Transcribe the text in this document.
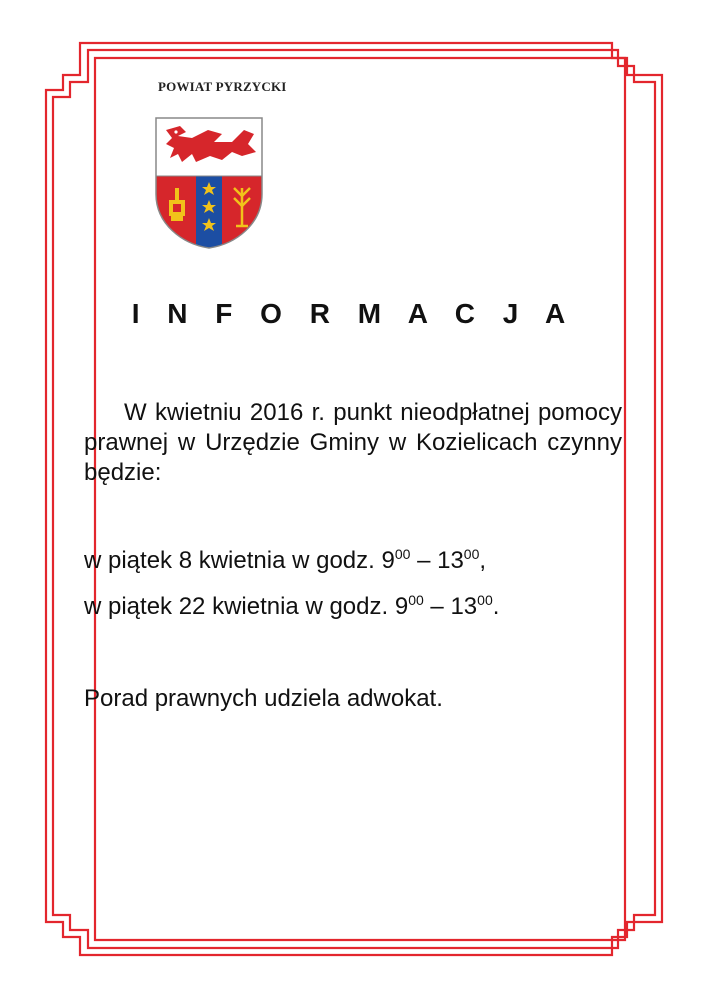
POWIAT PYRZYCKI
I N F O R M A C J A

W kwietniu 2016 r. punkt nieodpłatnej pomocy prawnej w Urzędzie Gminy w Kozielicach czynny będzie:

w piątek 8 kwietnia w godz. $9^{00} - 13^{00}$,

w piątek 22 kwietnia w godz. $9^{00} - 13^{00}$.

Porad prawnych udziela adwokat.
